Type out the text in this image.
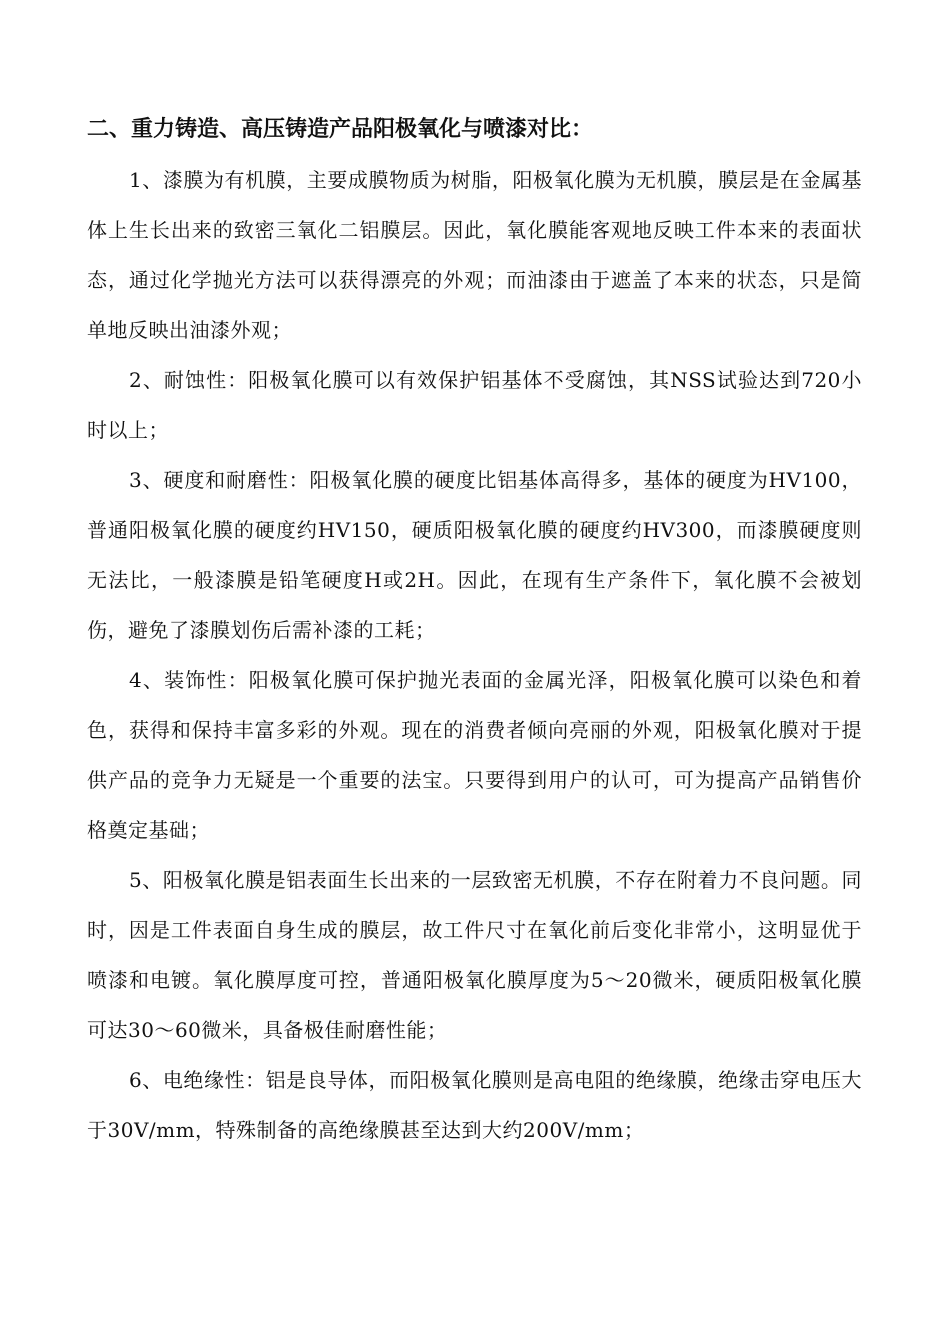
二、重力铸造、高压铸造产品阳极氧化与喷漆对比：

1、漆膜为有机膜，主要成膜物质为树脂，阳极氧化膜为无机膜，膜层是在金属基体上生长出来的致密三氧化二铝膜层。因此，氧化膜能客观地反映工件本来的表面状态，通过化学抛光方法可以获得漂亮的外观；而油漆由于遮盖了本来的状态，只是简单地反映出油漆外观；

2、耐蚀性：阳极氧化膜可以有效保护铝基体不受腐蚀，其NSS试验达到720小时以上；

3、硬度和耐磨性：阳极氧化膜的硬度比铝基体高得多，基体的硬度为HV100，普通阳极氧化膜的硬度约HV150，硬质阳极氧化膜的硬度约HV300，而漆膜硬度则无法比，一般漆膜是铅笔硬度H或2H。因此，在现有生产条件下，氧化膜不会被划伤，避免了漆膜划伤后需补漆的工耗；

4、装饰性：阳极氧化膜可保护抛光表面的金属光泽，阳极氧化膜可以染色和着色，获得和保持丰富多彩的外观。现在的消费者倾向亮丽的外观，阳极氧化膜对于提供产品的竞争力无疑是一个重要的法宝。只要得到用户的认可，可为提高产品销售价格奠定基础；

5、阳极氧化膜是铝表面生长出来的一层致密无机膜，不存在附着力不良问题。同时，因是工件表面自身生成的膜层，故工件尺寸在氧化前后变化非常小，这明显优于喷漆和电镀。氧化膜厚度可控，普通阳极氧化膜厚度为5～20微米，硬质阳极氧化膜可达30～60微米，具备极佳耐磨性能；

6、电绝缘性：铝是良导体，而阳极氧化膜则是高电阻的绝缘膜，绝缘击穿电压大于30V/mm，特殊制备的高绝缘膜甚至达到大约200V/mm；
